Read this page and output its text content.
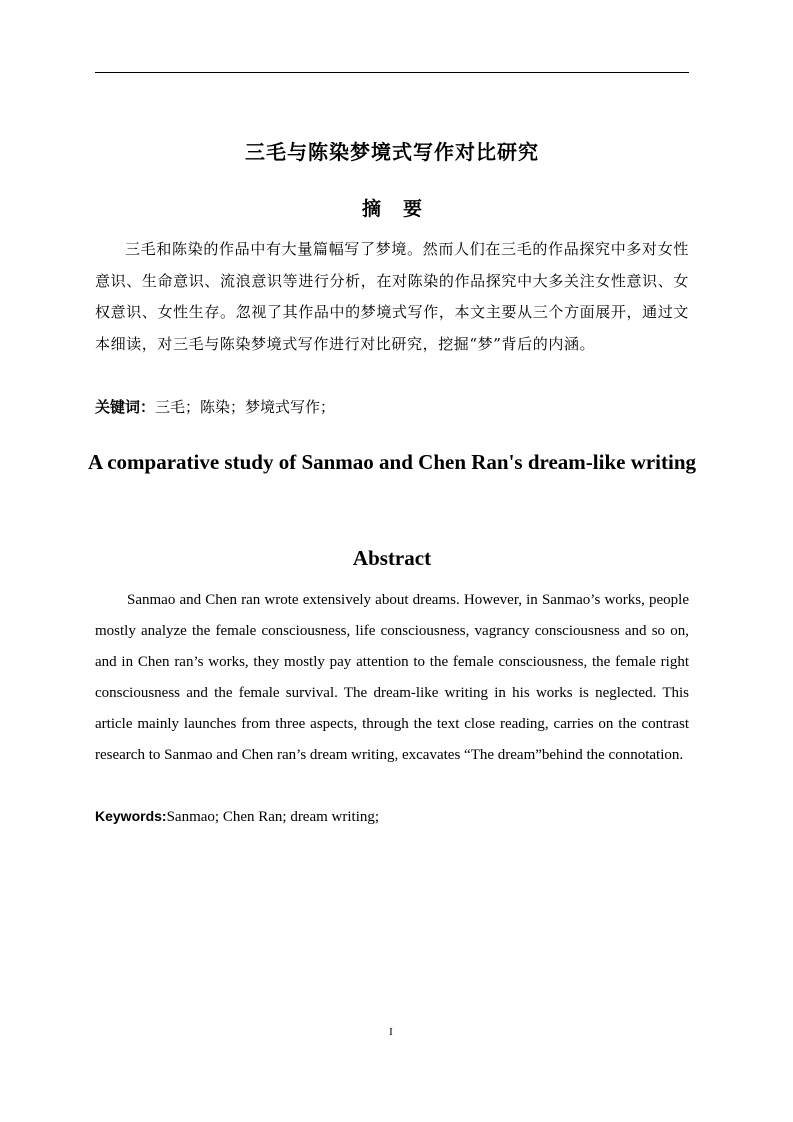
三毛与陈染梦境式写作对比研究
摘要

三毛和陈染的作品中有大量篇幅写了梦境。然而人们在三毛的作品探究中多对女性意识、生命意识、流浪意识等进行分析，在对陈染的作品探究中大多关注女性意识、女权意识、女性生存。忽视了其作品中的梦境式写作，本文主要从三个方面展开，通过文本细读，对三毛与陈染梦境式写作进行对比研究，挖掘“梦”背后的内涵。

关键词：三毛；陈染；梦境式写作；

A comparative study of Sanmao and Chen Ran's dream-like writing
Abstract

Sanmao and Chen ran wrote extensively about dreams. However, in Sanmao’s works, people mostly analyze the female consciousness, life consciousness, vagrancy consciousness and so on, and in Chen ran’s works, they mostly pay attention to the female consciousness, the female right consciousness and the female survival. The dream-like writing in his works is neglected. This article mainly launches from three aspects, through the text close reading, carries on the contrast research to Sanmao and Chen ran’s dream writing, excavates “The dream”behind the connotation.

Keywords:Sanmao; Chen Ran; dream writing;

I
